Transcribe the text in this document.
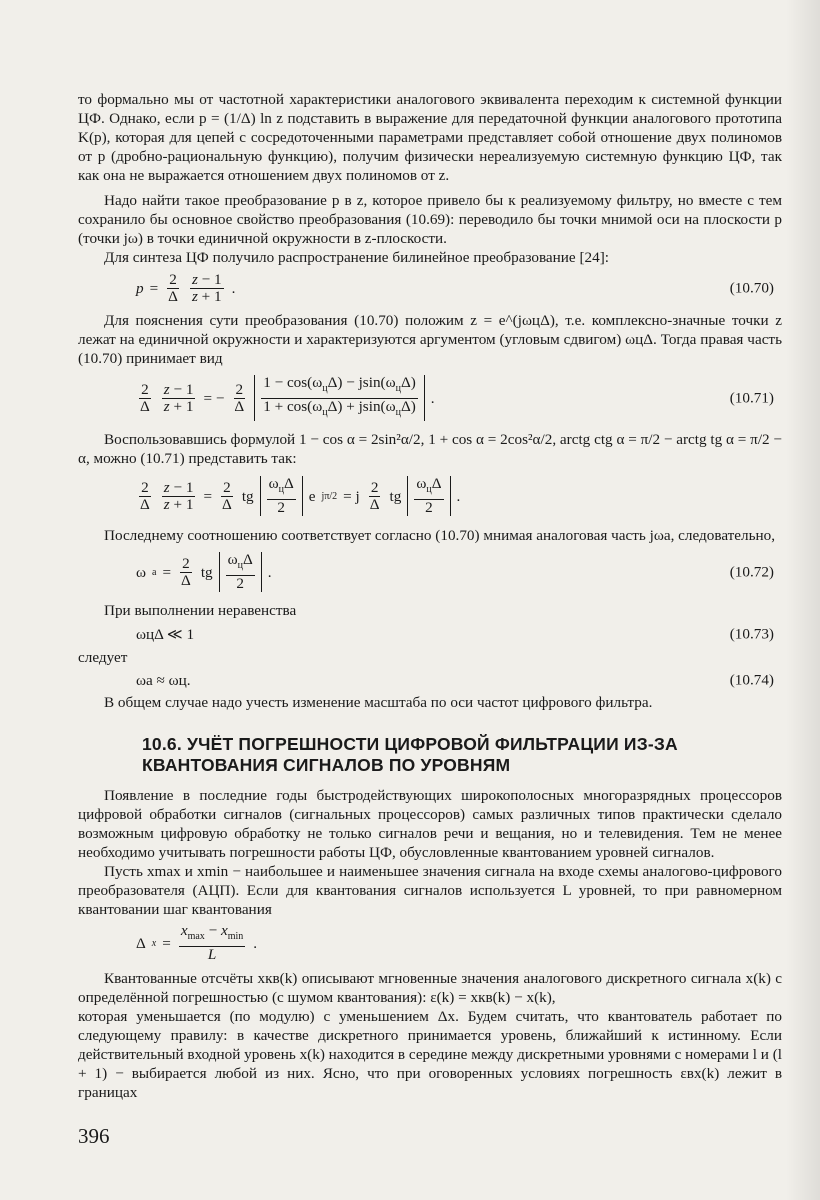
то формально мы от частотной характеристики аналогового эквивалента переходим к системной функции ЦФ. Однако, если p = (1/Δ) ln z подставить в выражение для передаточной функции аналогового прототипа K(p), которая для цепей с сосредоточенными параметрами представляет собой отношение двух полиномов от p (дробно-рациональную функцию), получим физически нереализуемую системную функцию ЦФ, так как она не выражается отношением двух полиномов от z.

Надо найти такое преобразование p в z, которое привело бы к реализуемому фильтру, но вместе с тем сохранило бы основное свойство преобразования (10.69): переводило бы точки мнимой оси на плоскости p (точки jω) в точки единичной окружности в z-плоскости.

Для синтеза ЦФ получило распространение билинейное преобразование [24]:

$p = \frac{2}{\Delta} \frac{z - 1}{z + 1}$ .	(10.70)

Для пояснения сути преобразования (10.70) положим z = e^(jωцΔ), т.е. комплексно-значные точки z лежат на единичной окружности и характеризуются аргументом (угловым сдвигом) ωцΔ. Тогда правая часть (10.70) принимает вид

$\frac{2}{\Delta} \frac{z - 1}{z + 1}$ = − $\frac{2}{\Delta} \frac{1 - \cos(\omega_ц\Delta) - jsin(\omega_ц\Delta)}{1 + \cos(\omega_ц\Delta) + jsin(\omega_ц\Delta)}$ .	(10.71)

Воспользовавшись формулой 1 − cos α = 2sin²α/2, 1 + cos α = 2cos²α/2, arctg ctg α = π/2 − arctg tg α = π/2 − α, можно (10.71) представить так:

$\frac{2}{\Delta} \frac{z - 1}{z + 1} = \frac{2}{\Delta}$ tg $\frac{\omega_ц\Delta}{2}$ e jπ/2 = j $\frac{2}{\Delta}$ tg $\frac{\omega_ц\Delta}{2}$ .

Последнему соотношению соответствует согласно (10.70) мнимая аналоговая часть jωа, следовательно,

ω $а = \frac{2}{\Delta}$ tg $\frac{\omega_ц\Delta}{2}$ .	(10.72)

При выполнении неравенства

ωцΔ ≪ 1	(10.73)

следует

ωа ≈ ωц.	(10.74)

В общем случае надо учесть изменение масштаба по оси частот цифрового фильтра.

10.6. УЧЁТ ПОГРЕШНОСТИ ЦИФРОВОЙ ФИЛЬТРАЦИИ ИЗ-ЗА КВАНТОВАНИЯ СИГНАЛОВ ПО УРОВНЯМ

Появление в последние годы быстродействующих широкополосных многоразрядных процессоров цифровой обработки сигналов (сигнальных процессоров) самых различных типов практически сделало возможным цифровую обработку не только сигналов речи и вещания, но и телевидения. Тем не менее необходимо учитывать погрешности работы ЦФ, обусловленные квантованием уровней сигналов.

Пусть xmax и xmin − наибольшее и наименьшее значения сигнала на входе схемы аналогово-цифрового преобразователя (АЦП). Если для квантования сигналов используется L уровней, то при равномерном квантовании шаг квантования

Δ $x = \frac{x_{max} - x_{min}}{L}$ .

Квантованные отсчёты xкв(k) описывают мгновенные значения аналогового дискретного сигнала x(k) с определённой погрешностью (с шумом квантования): ε(k) = xкв(k) − x(k),

которая уменьшается (по модулю) с уменьшением Δx. Будем считать, что квантователь работает по следующему правилу: в качестве дискретного принимается уровень, ближайший к истинному. Если действительный входной уровень x(k) находится в середине между дискретными уровнями с номерами l и (l + 1) − выбирается любой из них. Ясно, что при оговоренных условиях погрешность εвх(k) лежит в границах

396
